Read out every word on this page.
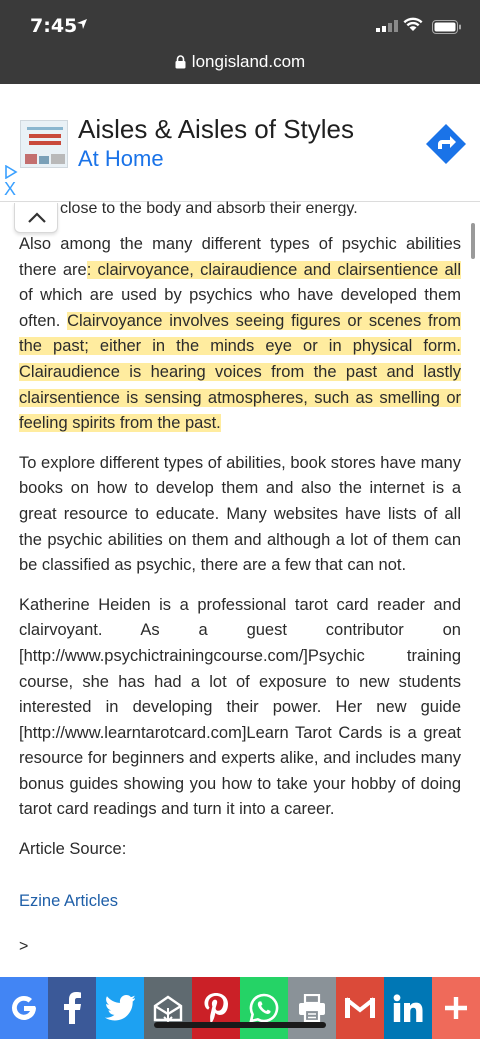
7:45
longisland.com
Aisles & Aisles of Styles
At Home
X
close to the body and absorb their energy.

Also among the many different types of psychic abilities there are: clairvoyance, clairaudience and clairsentience all of which are used by psychics who have developed them often. Clairvoyance involves seeing figures or scenes from the past; either in the minds eye or in physical form. Clairaudience is hearing voices from the past and lastly clairsentience is sensing atmospheres, such as smelling or feeling spirits from the past.

To explore different types of abilities, book stores have many books on how to develop them and also the internet is a great resource to educate. Many websites have lists of all the psychic abilities on them and although a lot of them can be classified as psychic, there are a few that can not.

Katherine Heiden is a professional tarot card reader and clairvoyant. As a guest contributor on [http://www.psychictrainingcourse.com/]Psychic training course, she has had a lot of exposure to new students interested in developing their power. Her new guide [http://www.learntarotcard.com]Learn Tarot Cards is a great resource for beginners and experts alike, and includes many bonus guides showing you how to take your hobby of doing tarot card readings and turn it into a career.

Article Source:

Ezine Articles

>
